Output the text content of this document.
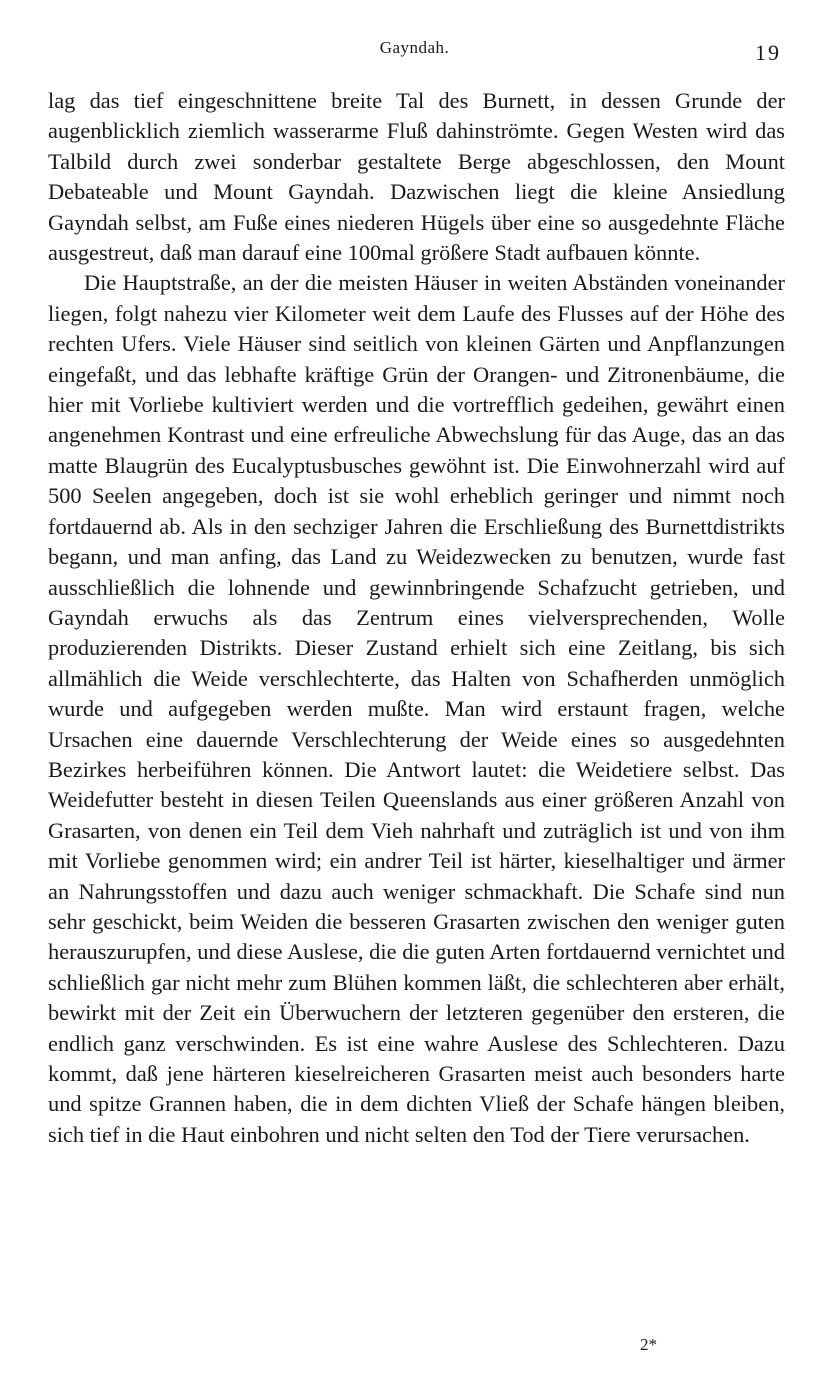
Gayndah.	19

lag das tief eingeschnittene breite Tal des Burnett, in dessen Grunde der augenblicklich ziemlich wasserarme Fluß dahinströmte. Gegen Westen wird das Talbild durch zwei sonderbar gestaltete Berge abgeschlossen, den Mount Debateable und Mount Gayndah. Dazwischen liegt die kleine Ansiedlung Gayndah selbst, am Fuße eines niederen Hügels über eine so ausgedehnte Fläche ausgestreut, daß man darauf eine 100mal größere Stadt aufbauen könnte.

Die Hauptstraße, an der die meisten Häuser in weiten Abständen voneinander liegen, folgt nahezu vier Kilometer weit dem Laufe des Flusses auf der Höhe des rechten Ufers. Viele Häuser sind seitlich von kleinen Gärten und Anpflanzungen eingefaßt, und das lebhafte kräftige Grün der Orangen- und Zitronenbäume, die hier mit Vorliebe kultiviert werden und die vortrefflich gedeihen, gewährt einen angenehmen Kontrast und eine erfreuliche Abwechslung für das Auge, das an das matte Blaugrün des Eucalyptusbusches gewöhnt ist. Die Einwohnerzahl wird auf 500 Seelen angegeben, doch ist sie wohl erheblich geringer und nimmt noch fortdauernd ab. Als in den sechziger Jahren die Erschließung des Burnettdistrikts begann, und man anfing, das Land zu Weidezwecken zu benutzen, wurde fast ausschließlich die lohnende und gewinnbringende Schafzucht getrieben, und Gayndah erwuchs als das Zentrum eines vielversprechenden, Wolle produzierenden Distrikts. Dieser Zustand erhielt sich eine Zeitlang, bis sich allmählich die Weide verschlechterte, das Halten von Schafherden unmöglich wurde und aufgegeben werden mußte. Man wird erstaunt fragen, welche Ursachen eine dauernde Verschlechterung der Weide eines so ausgedehnten Bezirkes herbeiführen können. Die Antwort lautet: die Weidetiere selbst. Das Weidefutter besteht in diesen Teilen Queenslands aus einer größeren Anzahl von Grasarten, von denen ein Teil dem Vieh nahrhaft und zuträglich ist und von ihm mit Vorliebe genommen wird; ein andrer Teil ist härter, kieselhaltiger und ärmer an Nahrungsstoffen und dazu auch weniger schmackhaft. Die Schafe sind nun sehr geschickt, beim Weiden die besseren Grasarten zwischen den weniger guten herauszurupfen, und diese Auslese, die die guten Arten fortdauernd vernichtet und schließlich gar nicht mehr zum Blühen kommen läßt, die schlechteren aber erhält, bewirkt mit der Zeit ein Überwuchern der letzteren gegenüber den ersteren, die endlich ganz verschwinden. Es ist eine wahre Auslese des Schlechteren. Dazu kommt, daß jene härteren kieselreicheren Grasarten meist auch besonders harte und spitze Grannen haben, die in dem dichten Vließ der Schafe hängen bleiben, sich tief in die Haut einbohren und nicht selten den Tod der Tiere verursachen.

2*
